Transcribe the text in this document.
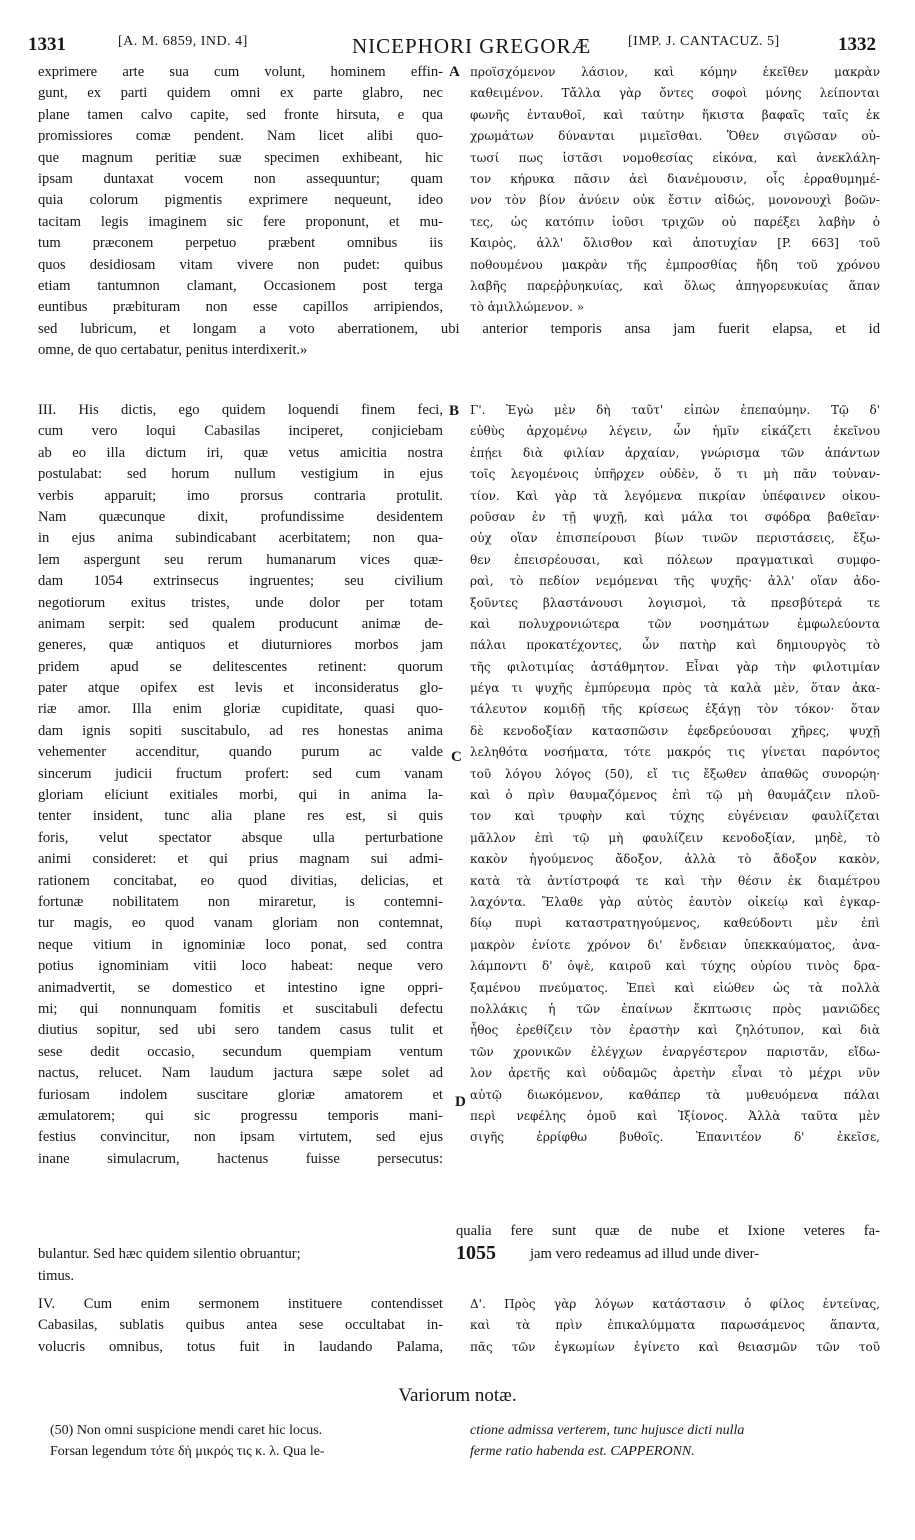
1331	[A. M. 6859, IND. 4]	NICEPHORI GREGORÆ	[IMP. J. CANTACUZ. 5]	1332
A
B
C
D
exprimere arte sua cum volunt, hominem effin-
gunt, ex parti quidem omni ex parte glabro, nec
plane tamen calvo capite, sed fronte hirsuta, e qua
promissiores comæ pendent. Nam licet alibi quo-
que magnum peritiæ suæ specimen exhibeant, hic
ipsam duntaxat vocem non assequuntur; quam
quia colorum pigmentis exprimere nequeunt, ideo
tacitam legis imaginem sic fere proponunt, et mu-
tum præconem perpetuo præbent omnibus iis
quos desidiosam vitam vivere non pudet: quibus
etiam tantumnon clamant, Occasionem post terga
euntibus præbituram non esse capillos arripiendos,
προϊσχόμενον λάσιον, καὶ κόμην ἐκεῖθεν μακρὰν
καθειμένον. Τἄλλα γὰρ ὄντες σοφοὶ μόνης λείπονται
φωνῆς ἐνταυθοῖ, καὶ ταύτην ἥκιστα βαφαῖς ταῖς ἐκ
χρωμάτων δύνανται μιμεῖσθαι. Ὅθεν σιγῶσαν οὐ-
τωσί πως ἱστᾶσι νομοθεσίας εἰκόνα, καὶ ἀνεκλάλη-
τον κήρυκα πᾶσιν ἀεὶ διανέμουσιν, οἷς ἐρραθυμημέ-
νον τὸν βίον ἀνύειν οὐκ ἔστιν αἰδώς, μονονουχὶ βοῶν-
τες, ὡς κατόπιν ἰοῦσι τριχῶν οὐ παρέξει λαβὴν ὁ
Καιρὸς, ἀλλ' ὄλισθον καὶ ἀποτυχίαν [P. 663] τοῦ
ποθουμένου μακρὰν τῆς ἐμπροσθίας ἤδη τοῦ χρόνου
λαβῆς παρεῤῥυηκυίας, καὶ ὅλως ἀπηγορευκυίας ἅπαν
τὸ ἁμιλλώμενον. »
sed lubricum, et longam a voto aberrationem, ubi anterior temporis ansa jam fuerit elapsa, et id
omne, de quo certabatur, penitus interdixerit.»
III. His dictis, ego quidem loquendi finem feci,
cum vero loqui Cabasilas inciperet, conjiciebam
ab eo illa dictum iri, quæ vetus amicitia nostra
postulabat: sed horum nullum vestigium in ejus
verbis apparuit; imo prorsus contraria protulit.
Nam quæcunque dixit, profundissime desidentem
in ejus anima subindicabant acerbitatem; non qua-
lem aspergunt seu rerum humanarum vices quæ-
dam 1054 extrinsecus ingruentes; seu civilium
negotiorum exitus tristes, unde dolor per totam
animam serpit: sed qualem producunt animæ de-
generes, quæ antiquos et diuturniores morbos jam
pridem apud se delitescentes retinent: quorum
pater atque opifex est levis et inconsideratus glo-
riæ amor. Illa enim gloriæ cupiditate, quasi quo-
dam ignis sopiti suscitabulo, ad res honestas anima
vehementer accenditur, quando purum ac valde
sincerum judicii fructum profert: sed cum vanam
gloriam eliciunt exitiales morbi, qui in anima la-
tenter insident, tunc alia plane res est, si quis
foris, velut spectator absque ulla perturbatione
animi consideret: et qui prius magnam sui admi-
rationem concitabat, eo quod divitias, delicias, et
fortunæ nobilitatem non miraretur, is contemni-
tur magis, eo quod vanam gloriam non contemnat,
neque vitium in ignominiæ loco ponat, sed contra
potius ignominiam vitii loco habeat: neque vero
animadvertit, se domestico et intestino igne oppri-
mi; qui nonnunquam fomitis et suscitabuli defectu
diutius sopitur, sed ubi sero tandem casus tulit et
sese dedit occasio, secundum quempiam ventum
nactus, relucet. Nam laudum jactura sæpe solet ad
furiosam indolem suscitare gloriæ amatorem et
æmulatorem; qui sic progressu temporis mani-
festius convincitur, non ipsam virtutem, sed ejus
inane simulacrum, hactenus fuisse persecutus:
Γ'. Ἐγὼ μὲν δὴ ταῦτ' εἰπὼν ἐπεπαύμην. Τῷ δ'
εὐθὺς ἀρχομένῳ λέγειν, ὧν ἡμῖν εἰκάζετι ἐκεῖνου
ἐπῄει διὰ φιλίαν ἀρχαίαν, γνώρισμα τῶν ἁπάντων
τοῖς λεγομένοις ὑπῆρχεν οὐδὲν, ὅ τι μὴ πᾶν τοὐναν-
τίον. Καὶ γὰρ τὰ λεγόμενα πικρίαν ὑπέφαινεν οἰκου-
ροῦσαν ἐν τῇ ψυχῇ, καὶ μάλα τοι σφόδρα βαθεῖαν·
οὐχ οἵαν ἐπισπείρουσι βίων τινῶν περιστάσεις, ἔξω-
θεν ἐπεισρέουσαι, καὶ πόλεων πραγματικαὶ συμφο-
ραὶ, τὸ πεδίον νεμόμεναι τῆς ψυχῆς· ἀλλ' οἵαν ἀδο-
ξοῦντες βλαστάνουσι λογισμοὶ, τὰ πρεσβύτερά τε
καὶ πολυχρονιώτερα τῶν νοσημάτων ἐμφωλεύοντα
πάλαι προκατέχοντες, ὧν πατὴρ καὶ δημιουργὸς τὸ
τῆς φιλοτιμίας ἀστάθμητον. Εἶναι γὰρ τὴν φιλοτιμίαν
μέγα τι ψυχῆς ἐμπύρευμα πρὸς τὰ καλὰ μὲν, ὅταν ἀκα-
τάλευτον κομιδῇ τῆς κρίσεως ἐξάγῃ τὸν τόκον· ὅταν
δὲ κενοδοξίαν κατασπῶσιν ἐφεδρεύουσαι χῆρες, ψυχῇ
λεληθότα νοσήματα, τότε μακρός τις γίνεται παρόντος
τοῦ λόγου λόγος (50), εἴ τις ἔξωθεν ἀπαθῶς συνορῴη·
καὶ ὁ πρὶν θαυμαζόμενος ἐπὶ τῷ μὴ θαυμάζειν πλοῦ-
τον καὶ τρυφὴν καὶ τύχης εὐγένειαν φαυλίζεται
μᾶλλον ἐπὶ τῷ μὴ φαυλίζειν κενοδοξίαν, μηδὲ, τὸ
κακὸν ἡγούμενος ἄδοξον, ἀλλὰ τὸ ἄδοξον κακὸν,
κατὰ τὰ ἀντίστροφά τε καὶ τὴν θέσιν ἐκ διαμέτρου
λαχόντα. Ἔλαθε γὰρ αὐτὸς ἑαυτὸν οἰκείῳ καὶ ἐγκαρ-
δίῳ πυρὶ καταστρατηγούμενος, καθεύδοντι μὲν ἐπὶ
μακρὸν ἐνίοτε χρόνον δι' ἔνδειαν ὑπεκκαύματος, ἀνα-
λάμποντι δ' ὀψὲ, καιροῦ καὶ τύχης οὐρίου τινὸς δρα-
ξαμένου πνεύματος. Ἐπεὶ καὶ εἰώθεν ὡς τὰ πολλὰ
πολλάκις ἡ τῶν ἐπαίνων ἔκπτωσις πρὸς μανιῶδες
ἦθος ἐρεθίζειν τὸν ἐραστὴν καὶ ζηλότυπον, καὶ διὰ
τῶν χρονικῶν ἐλέγχων ἐναργέστερον παριστᾶν, εἴδω-
λον ἀρετῆς καὶ οὐδαμῶς ἀρετὴν εἶναι τὸ μέχρι νῦν
αὐτῷ διωκόμενον, καθάπερ τὰ μυθευόμενα πάλαι
περὶ νεφέλης ὁμοῦ καὶ Ἰξίονος. Ἀλλὰ ταῦτα μὲν
σιγῆς ἐρρίφθω βυθοῖς. Ἐπανιτέον δ' ἐκεῖσε,
qualia fere sunt quæ de nube et Ixione veteres fa-
bulantur. Sed hæc quidem silentio obruantur;	1055 jam vero redeamus ad illud unde diver-
timus.
IV. Cum enim sermonem instituere contendisset
Cabasilas, sublatis quibus antea sese occultabat in-
volucris omnibus, totus fuit in laudando Palama,
Δ'. Πρὸς γὰρ λόγων κατάστασιν ὁ φίλος ἐντείνας,
καὶ τὰ πρὶν ἐπικαλύμματα παρωσάμενος ἅπαντα,
πᾶς τῶν ἐγκωμίων ἐγίνετο καὶ θειασμῶν τῶν τοῦ
Variorum notæ.
(50) Non omni suspicione mendi caret hic locus.
Forsan legendum τότε δὴ μικρός τις κ. λ. Qua le-
ctione admissa verterem, tunc hujusce dicti nulla
ferme ratio habenda est. CAPPERONN.
